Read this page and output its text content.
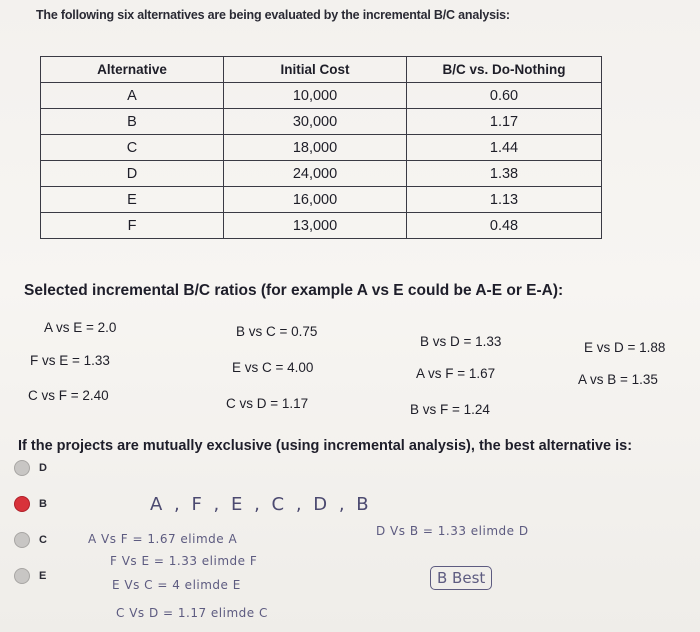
The following six alternatives are being evaluated by the incremental B/C analysis:
Alternative	Initial Cost	B/C vs. Do-Nothing
A	10,000	0.60
B	30,000	1.17
C	18,000	1.44
D	24,000	1.38
E	16,000	1.13
F	13,000	0.48
Selected incremental B/C ratios (for example A vs E could be A-E or E-A):
A vs E = 2.0	B vs C = 0.75
B vs D = 1.33	E vs D = 1.88
F vs E = 1.33	E vs C = 4.00	A vs F = 1.67	A vs B = 1.35
C vs F = 2.40
C vs D = 1.17	B vs F = 1.24
If the projects are mutually exclusive (using incremental analysis), the best alternative is:
D
B
C
E
A , F , E , C , D , B
A Vs F = 1.67 elimde A
F Vs E = 1.33 elimde F
E Vs C = 4 elimde E
C Vs D = 1.17 elimde C
D Vs B = 1.33 elimde D
B Best
